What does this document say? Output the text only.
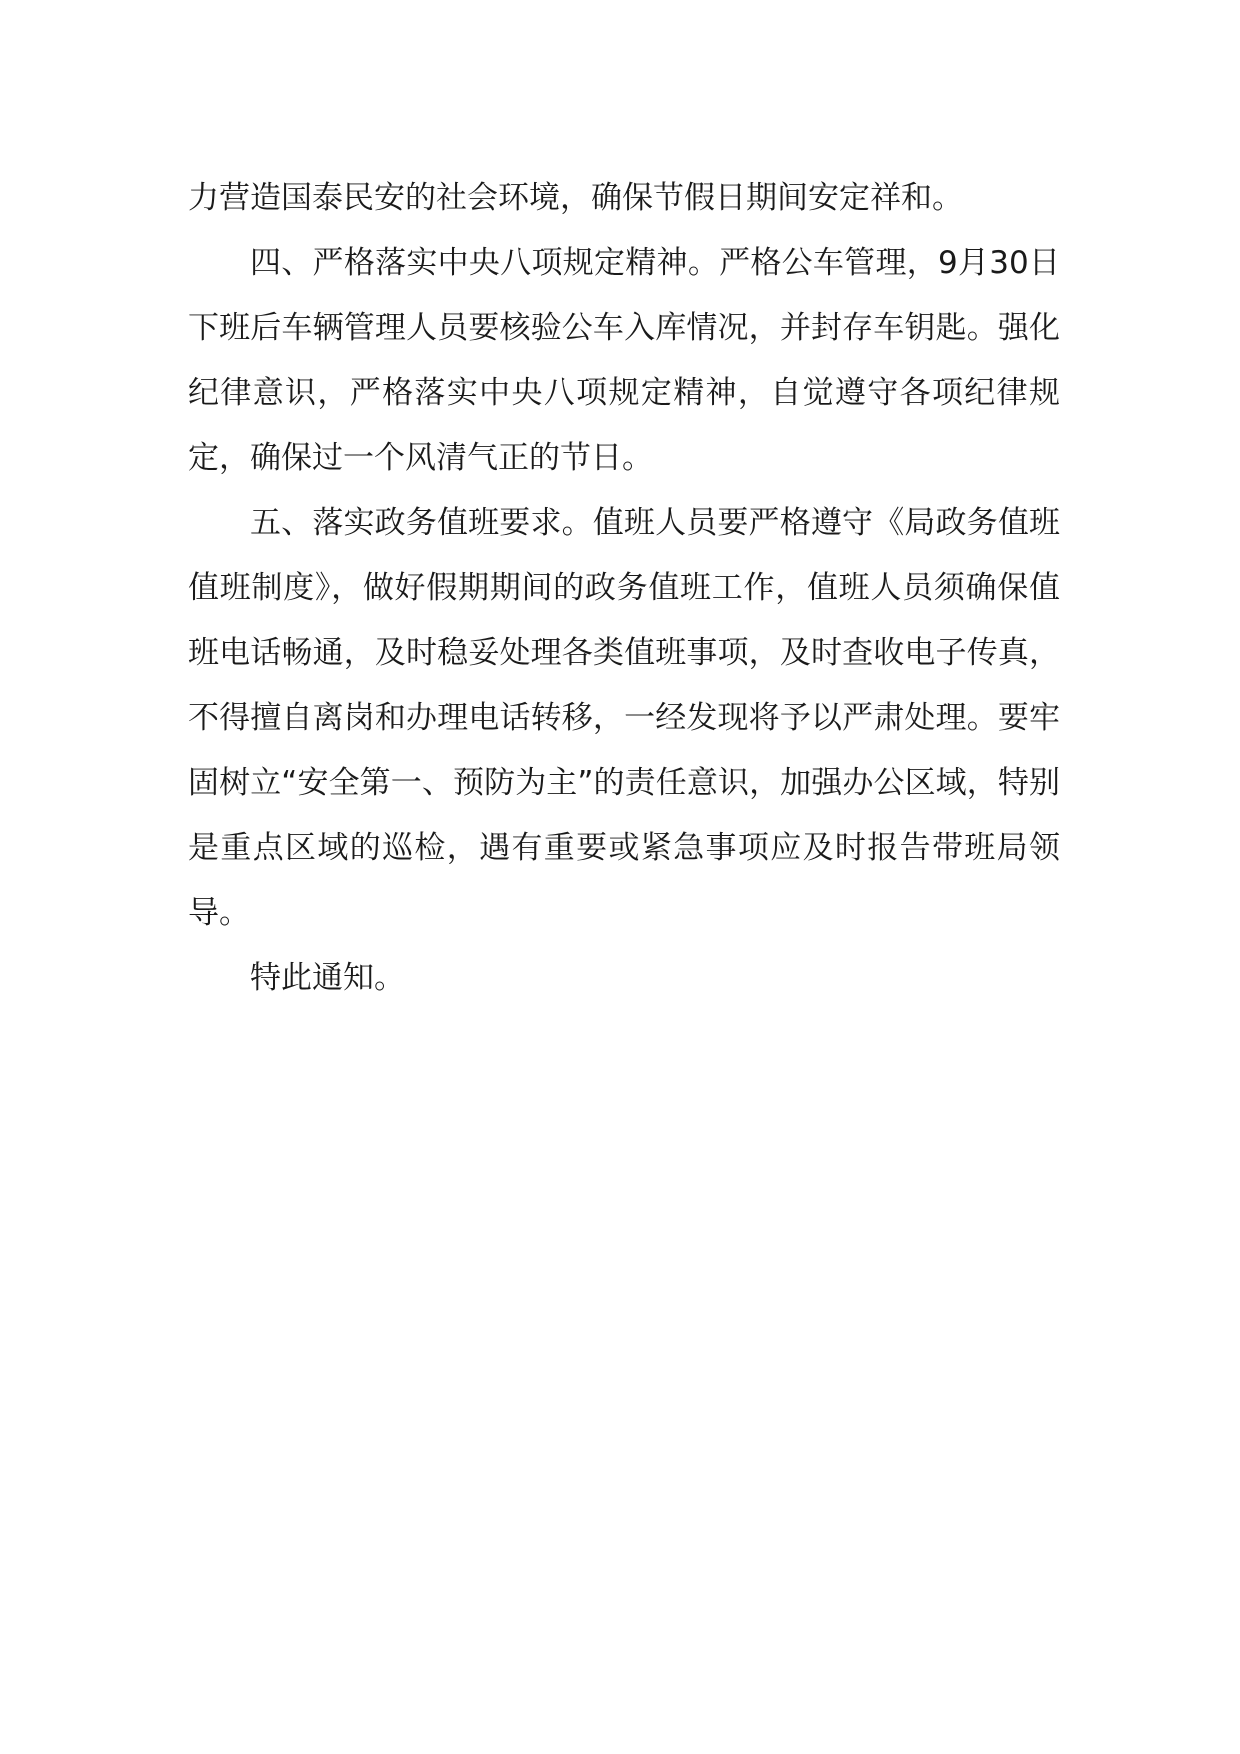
力营造国泰民安的社会环境，确保节假日期间安定祥和。

四、严格落实中央八项规定精神。严格公车管理，9月30日下班后车辆管理人员要核验公车入库情况，并封存车钥匙。强化纪律意识，严格落实中央八项规定精神，自觉遵守各项纪律规定，确保过一个风清气正的节日。

五、落实政务值班要求。值班人员要严格遵守《局政务值班值班制度》，做好假期期间的政务值班工作，值班人员须确保值班电话畅通，及时稳妥处理各类值班事项，及时查收电子传真，不得擅自离岗和办理电话转移，一经发现将予以严肃处理。要牢固树立“安全第一、预防为主”的责任意识，加强办公区域，特别是重点区域的巡检，遇有重要或紧急事项应及时报告带班局领导。

特此通知。
